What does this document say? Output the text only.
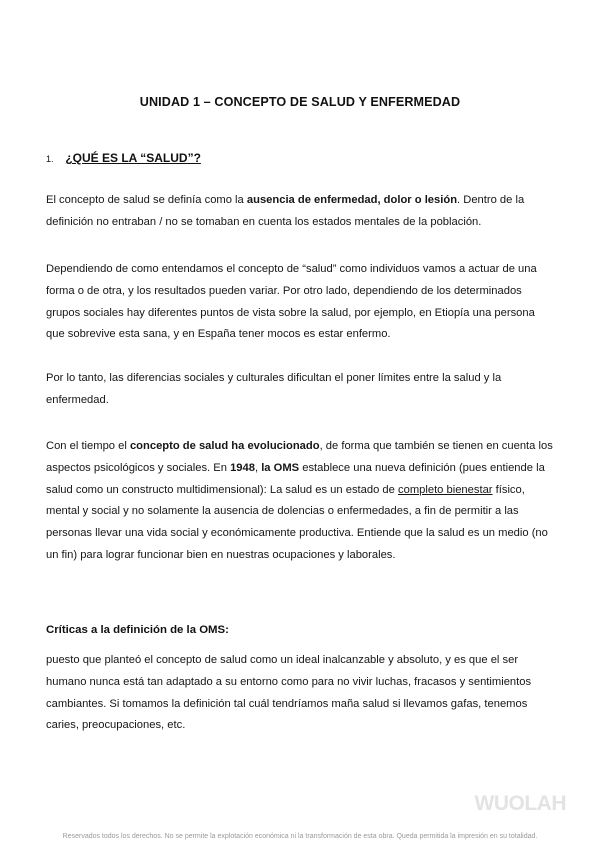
UNIDAD 1 – CONCEPTO DE SALUD Y ENFERMEDAD
1. ¿QUÉ ES LA “SALUD”?

El concepto de salud se definía como la ausencia de enfermedad, dolor o lesión. Dentro de la definición no entraban / no se tomaban en cuenta los estados mentales de la población.

Dependiendo de como entendamos el concepto de “salud” como individuos vamos a actuar de una forma o de otra, y los resultados pueden variar. Por otro lado, dependiendo de los determinados grupos sociales hay diferentes puntos de vista sobre la salud, por ejemplo, en Etiopía una persona que sobrevive esta sana, y en España tener mocos es estar enfermo.

Por lo tanto, las diferencias sociales y culturales dificultan el poner límites entre la salud y la enfermedad.

Con el tiempo el concepto de salud ha evolucionado, de forma que también se tienen en cuenta los aspectos psicológicos y sociales. En 1948, la OMS establece una nueva definición (pues entiende la salud como un constructo multidimensional): La salud es un estado de completo bienestar físico, mental y social y no solamente la ausencia de dolencias o enfermedades, a fin de permitir a las personas llevar una vida social y económicamente productiva. Entiende que la salud es un medio (no un fin) para lograr funcionar bien en nuestras ocupaciones y laborales.

Críticas a la definición de la OMS:

puesto que planteó el concepto de salud como un ideal inalcanzable y absoluto, y es que el ser humano nunca está tan adaptado a su entorno como para no vivir luchas, fracasos y sentimientos cambiantes. Si tomamos la definición tal cuál tendríamos maña salud si llevamos gafas, tenemos caries, preocupaciones, etc.

WUOLAH
Reservados todos los derechos. No se permite la explotación económica ni la transformación de esta obra. Queda permitida la impresión en su totalidad.
